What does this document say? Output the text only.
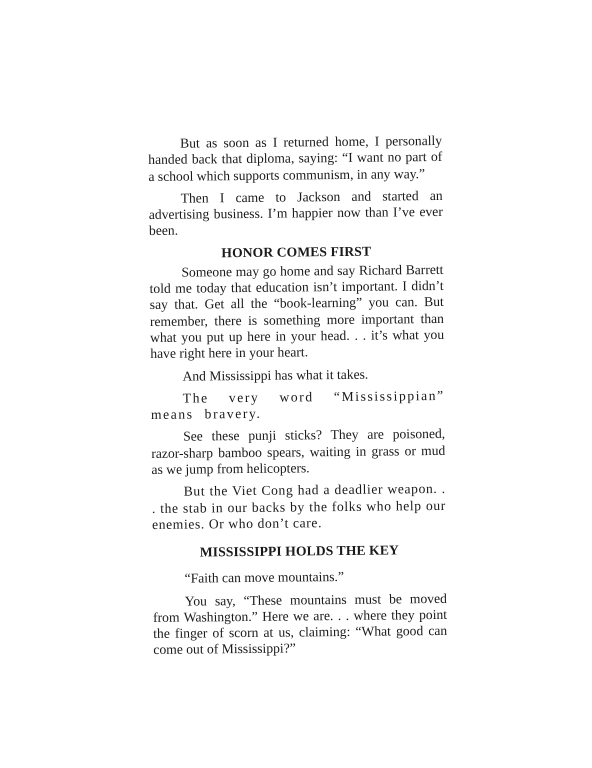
But as soon as I returned home, I personally handed back that diploma, saying: “I want no part of a school which supports communism, in any way.”

Then I came to Jackson and started an advertising business. I’m happier now than I’ve ever been.

HONOR COMES FIRST

Someone may go home and say Richard Barrett told me today that education isn’t important. I didn’t say that. Get all the “book-learning” you can. But remember, there is something more important than what you put up here in your head. . . it’s what you have right here in your heart.

And Mississippi has what it takes.

The very word “Mississippian” means bravery.

See these punji sticks? They are poisoned, razor-sharp bamboo spears, waiting in grass or mud as we jump from helicopters.

But the Viet Cong had a deadlier weapon. . . the stab in our backs by the folks who help our enemies. Or who don’t care.

MISSISSIPPI HOLDS THE KEY

“Faith can move mountains.”

You say, “These mountains must be moved from Washington.” Here we are. . . where they point the finger of scorn at us, claiming: “What good can come out of Mississippi?”
